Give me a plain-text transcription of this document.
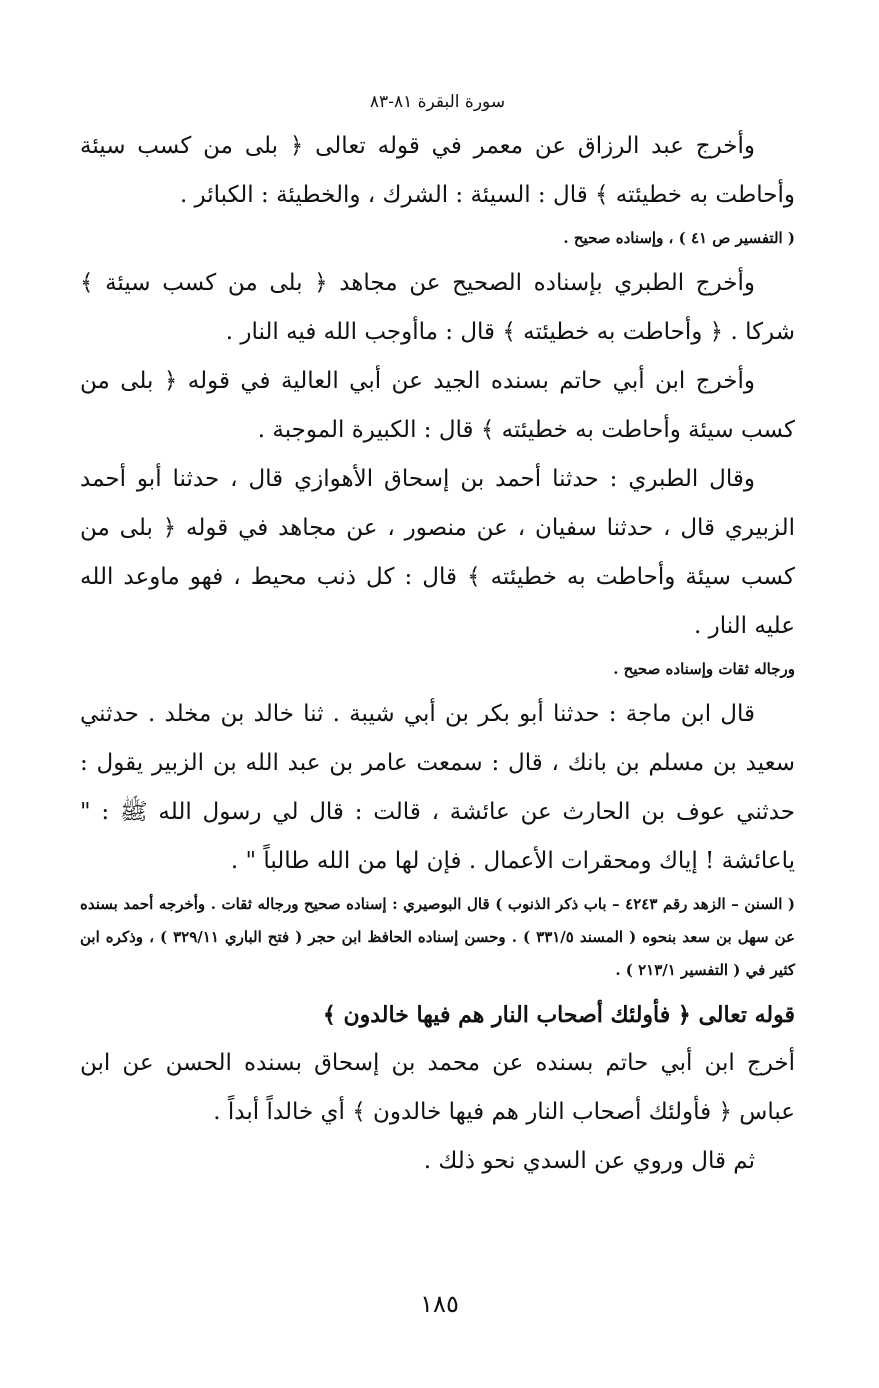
سورة البقرة ٨١-٨٣

وأخرج عبد الرزاق عن معمر في قوله تعالى ﴿ بلى من كسب سيئة وأحاطت به خطيئته ﴾ قال : السيئة : الشرك ، والخطيئة : الكبائر .

( التفسير ص ٤١ ) ، وإسناده صحيح .

وأخرج الطبري بإسناده الصحيح عن مجاهد ﴿ بلى من كسب سيئة ﴾ شركا . ﴿ وأحاطت به خطيئته ﴾ قال : ماأوجب الله فيه النار .

وأخرج ابن أبي حاتم بسنده الجيد عن أبي العالية في قوله ﴿ بلى من كسب سيئة وأحاطت به خطيئته ﴾ قال : الكبيرة الموجبة .

وقال الطبري : حدثنا أحمد بن إسحاق الأهوازي قال ، حدثنا أبو أحمد الزبيري قال ، حدثنا سفيان ، عن منصور ، عن مجاهد في قوله ﴿ بلى من كسب سيئة وأحاطت به خطيئته ﴾ قال : كل ذنب محيط ، فهو ماوعد الله عليه النار .

ورجاله ثقات وإسناده صحيح .

قال ابن ماجة : حدثنا أبو بكر بن أبي شيبة . ثنا خالد بن مخلد . حدثني سعيد بن مسلم بن بانك ، قال : سمعت عامر بن عبد الله بن الزبير يقول : حدثني عوف بن الحارث عن عائشة ، قالت : قال لي رسول الله ﷺ : " ياعائشة ! إياك ومحقرات الأعمال . فإن لها من الله طالباً " .

( السنن – الزهد رقم ٤٢٤٣ – باب ذكر الذنوب ) قال البوصيري : إسناده صحيح ورجاله ثقات . وأخرجه أحمد بسنده عن سهل بن سعد بنحوه ( المسند ٣٣١/٥ ) . وحسن إسناده الحافظ ابن حجر ( فتح الباري ٣٢٩/١١ ) ، وذكره ابن كثير في ( التفسير ٢١٣/١ ) .

قوله تعالى ﴿ فأولئك أصحاب النار هم فيها خالدون ﴾

أخرج ابن أبي حاتم بسنده عن محمد بن إسحاق بسنده الحسن عن ابن عباس ﴿ فأولئك أصحاب النار هم فيها خالدون ﴾ أي خالداً أبداً .

ثم قال وروي عن السدي نحو ذلك .

١٨٥
